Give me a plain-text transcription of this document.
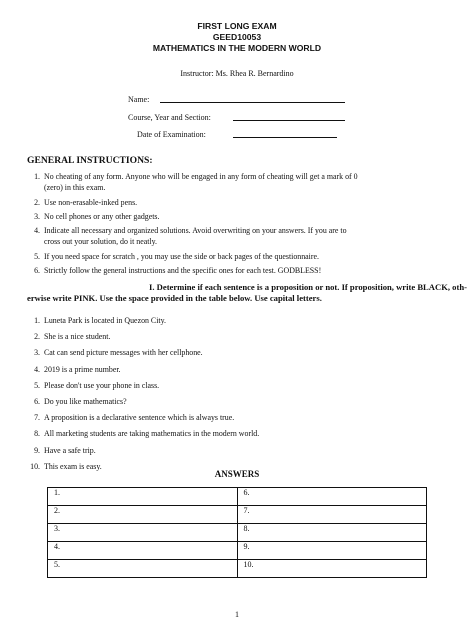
FIRST LONG EXAM
GEED10053
MATHEMATICS IN THE MODERN WORLD
Instructor: Ms. Rhea R. Bernardino
Name:
Course, Year and Section:
Date of Examination:
GENERAL INSTRUCTIONS:
1. No cheating of any form. Anyone who will be engaged in any form of cheating will get a mark of 0
(zero) in this exam.
2. Use non-erasable-inked pens.
3. No cell phones or any other gadgets.
4. Indicate all necessary and organized solutions. Avoid overwriting on your answers. If you are to
cross out your solution, do it neatly.
5. If you need space for scratch , you may use the side or back pages of the questionnaire.
6. Strictly follow the general instructions and the specific ones for each test. GODBLESS!
I. Determine if each sentence is a proposition or not. If proposition, write BLACK, oth-
erwise write PINK. Use the space provided in the table below. Use capital letters.
1. Luneta Park is located in Quezon City.
2. She is a nice student.
3. Cat can send picture messages with her cellphone.
4. 2019 is a prime number.
5. Please don't use your phone in class.
6. Do you like mathematics?
7. A proposition is a declarative sentence which is always true.
8. All marketing students are taking mathematics in the modern world.
9. Have a safe trip.
10. This exam is easy.
ANSWERS
1.	6.
2.	7.
3.	8.
4.	9.
5.	10.
1
